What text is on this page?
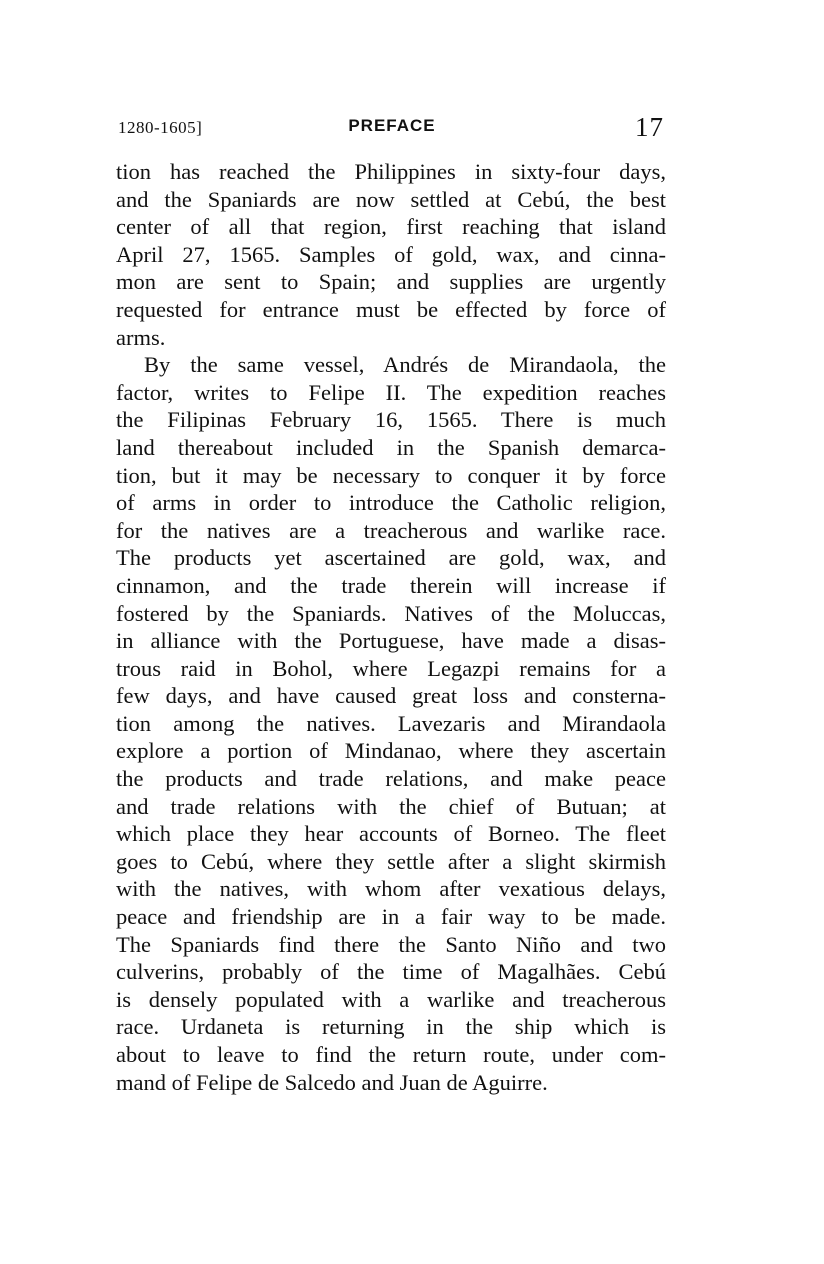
1280-1605]	PREFACE	17
tion has reached the Philippines in sixty-four days,
and the Spaniards are now settled at Cebú, the best
center of all that region, first reaching that island
April 27, 1565. Samples of gold, wax, and cinna-
mon are sent to Spain; and supplies are urgently
requested for entrance must be effected by force of
arms.
By the same vessel, Andrés de Mirandaola, the
factor, writes to Felipe II. The expedition reaches
the Filipinas February 16, 1565. There is much
land thereabout included in the Spanish demarca-
tion, but it may be necessary to conquer it by force
of arms in order to introduce the Catholic religion,
for the natives are a treacherous and warlike race.
The products yet ascertained are gold, wax, and
cinnamon, and the trade therein will increase if
fostered by the Spaniards. Natives of the Moluccas,
in alliance with the Portuguese, have made a disas-
trous raid in Bohol, where Legazpi remains for a
few days, and have caused great loss and consterna-
tion among the natives. Lavezaris and Mirandaola
explore a portion of Mindanao, where they ascertain
the products and trade relations, and make peace
and trade relations with the chief of Butuan; at
which place they hear accounts of Borneo. The fleet
goes to Cebú, where they settle after a slight skirmish
with the natives, with whom after vexatious delays,
peace and friendship are in a fair way to be made.
The Spaniards find there the Santo Niño and two
culverins, probably of the time of Magalhães. Cebú
is densely populated with a warlike and treacherous
race. Urdaneta is returning in the ship which is
about to leave to find the return route, under com-
mand of Felipe de Salcedo and Juan de Aguirre.
